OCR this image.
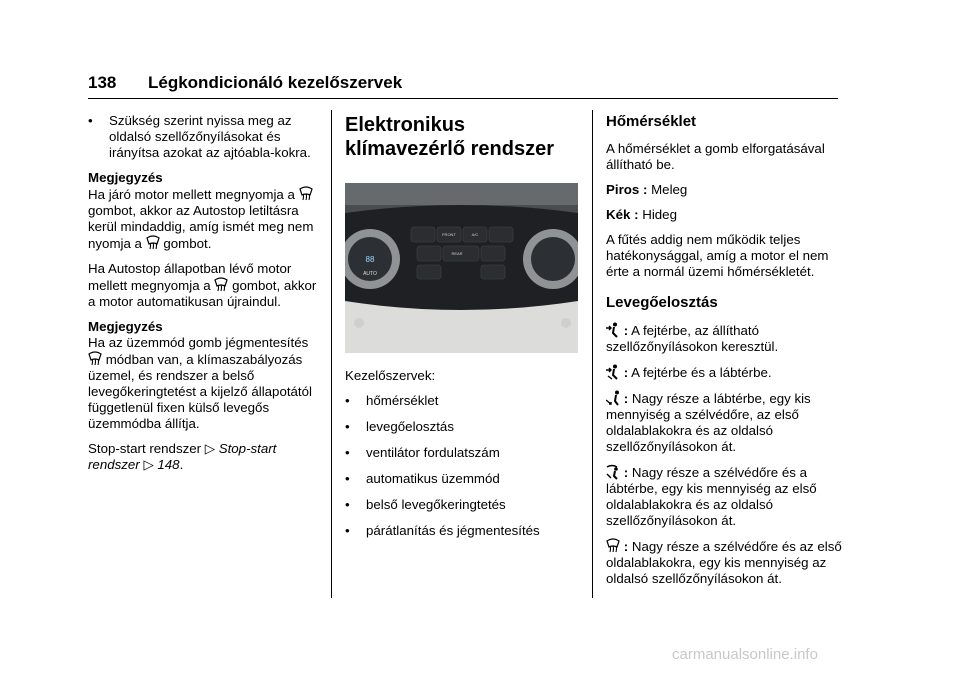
138 Légkondicionáló kezelőszervek
•	Szükség szerint nyissa meg az oldalsó szellőzőnyílásokat és irányítsa azokat az ajtóabla-kokra.

Megjegyzés

Ha járó motor mellett megnyomja a  gombot, akkor az Autostop letiltásra kerül mindaddig, amíg ismét meg nem nyomja a gombot.

Ha Autostop állapotban lévő motor mellett megnyomja a gombot, akkor a motor automatikusan újraindul.

Megjegyzés

Ha az üzemmód gomb jégmentesítés  módban van, a klímaszabályozás üzemel, és rendszer a belső levegőkeringtetést a kijelző állapotától függetlenül fixen külső levegős üzemmódba állítja.

Stop-start rendszer ▷ Stop-start rendszer ▷ 148.

Elektronikus klímavezérlő rendszer
88
AUTO
FRONT	A/C
REAR

Kezelőszervek:

•	hőmérséklet
•	levegőelosztás
•	ventilátor fordulatszám
•	automatikus üzemmód
•	belső levegőkeringtetés
•	párátlanítás és jégmentesítés
Hőmérséklet

A hőmérséklet a gomb elforgatásával állítható be.

Piros : Meleg

Kék : Hideg

A fűtés addig nem működik teljes hatékonysággal, amíg a motor el nem érte a normál üzemi hőmérsékletét.

Levegőelosztás

: A fejtérbe, az állítható szellőzőnyílásokon keresztül.

: A fejtérbe és a lábtérbe.

: Nagy része a lábtérbe, egy kis mennyiség a szélvédőre, az első oldalablakokra és az oldalsó szellőzőnyílásokon át.

: Nagy része a szélvédőre és a lábtérbe, egy kis mennyiség az első oldalablakokra és az oldalsó szellőzőnyílásokon át.

: Nagy része a szélvédőre és az első oldalablakokra, egy kis mennyiség az oldalsó szellőzőnyílásokon át.

carmanualsonline.info
